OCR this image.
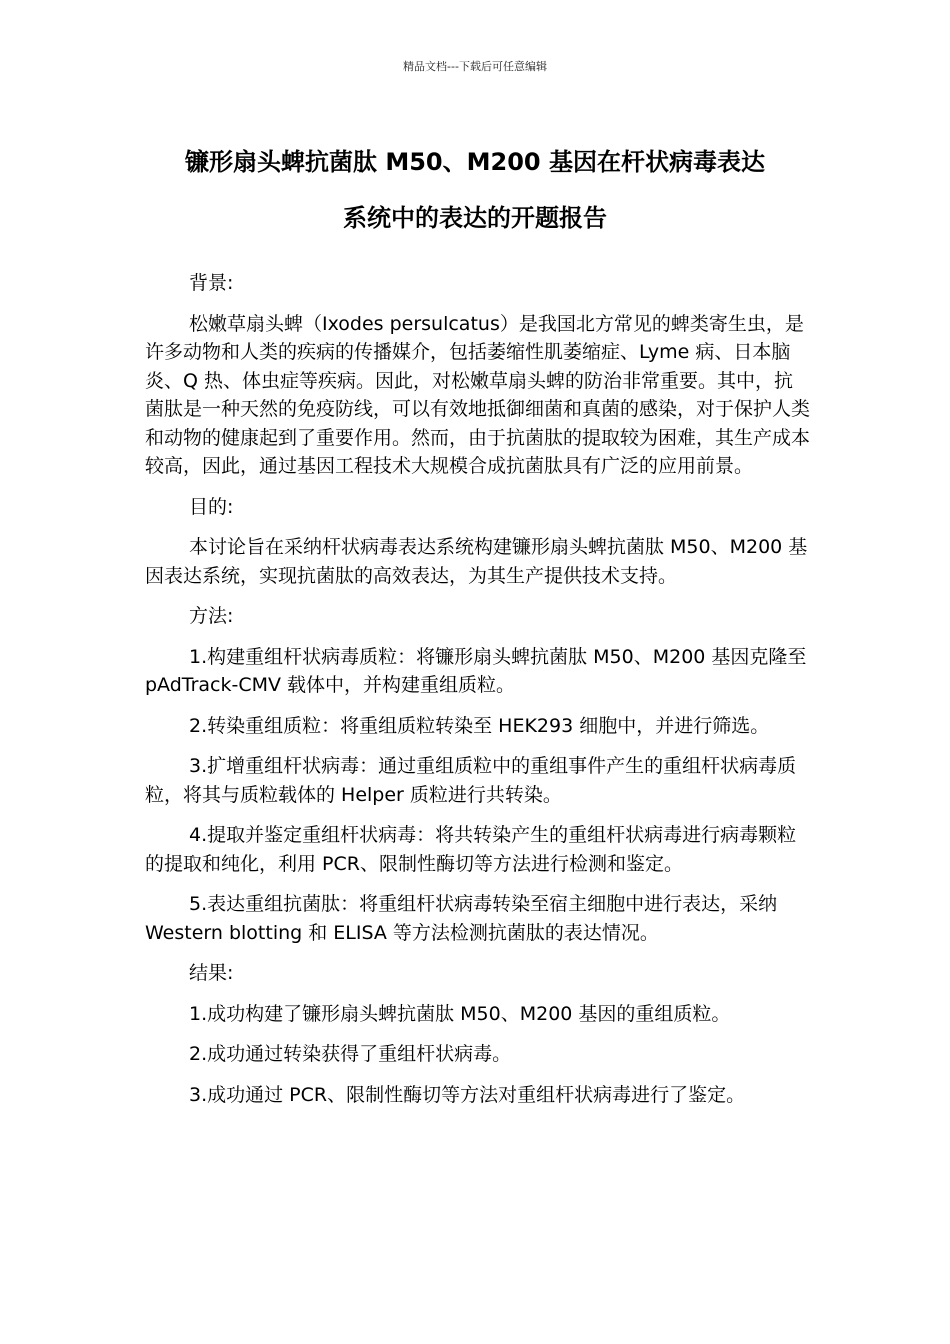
精品文档---下载后可任意编辑
镰形扇头蜱抗菌肽 M50、M200 基因在杆状病毒表达
系统中的表达的开题报告

背景:

松嫩草扇头蜱（Ixodes persulcatus）是我国北方常见的蜱类寄生虫，是许多动物和人类的疾病的传播媒介，包括萎缩性肌萎缩症、Lyme 病、日本脑炎、Q 热、体虫症等疾病。因此，对松嫩草扇头蜱的防治非常重要。其中，抗菌肽是一种天然的免疫防线，可以有效地抵御细菌和真菌的感染，对于保护人类和动物的健康起到了重要作用。然而，由于抗菌肽的提取较为困难，其生产成本较高，因此，通过基因工程技术大规模合成抗菌肽具有广泛的应用前景。

目的:

本讨论旨在采纳杆状病毒表达系统构建镰形扇头蜱抗菌肽 M50、M200 基因表达系统，实现抗菌肽的高效表达，为其生产提供技术支持。

方法:

1.构建重组杆状病毒质粒：将镰形扇头蜱抗菌肽 M50、M200 基因克隆至 pAdTrack-CMV 载体中，并构建重组质粒。

2.转染重组质粒：将重组质粒转染至 HEK293 细胞中，并进行筛选。

3.扩增重组杆状病毒：通过重组质粒中的重组事件产生的重组杆状病毒质粒，将其与质粒载体的 Helper 质粒进行共转染。

4.提取并鉴定重组杆状病毒：将共转染产生的重组杆状病毒进行病毒颗粒的提取和纯化，利用 PCR、限制性酶切等方法进行检测和鉴定。

5.表达重组抗菌肽：将重组杆状病毒转染至宿主细胞中进行表达，采纳 Western blotting 和 ELISA 等方法检测抗菌肽的表达情况。

结果:

1.成功构建了镰形扇头蜱抗菌肽 M50、M200 基因的重组质粒。

2.成功通过转染获得了重组杆状病毒。

3.成功通过 PCR、限制性酶切等方法对重组杆状病毒进行了鉴定。
